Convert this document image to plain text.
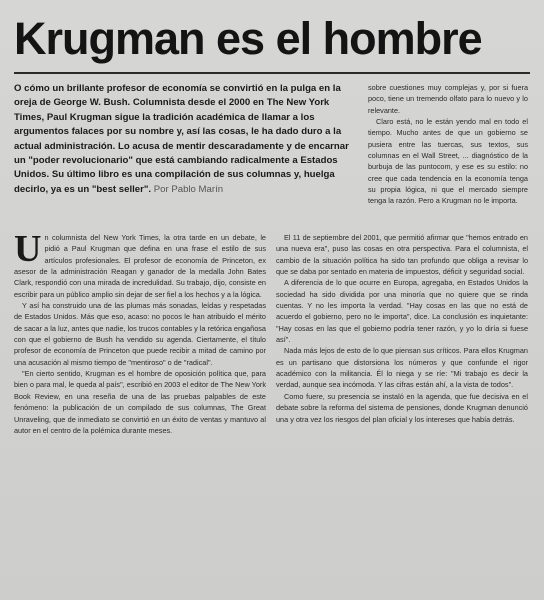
Krugman es el hombre

O cómo un brillante profesor de economía se convirtió en la pulga en la oreja de George W. Bush. Columnista desde el 2000 en The New York Times, Paul Krugman sigue la tradición académica de llamar a los argumentos falaces por su nombre y, así las cosas, le ha dado duro a la actual administración. Lo acusa de mentir descaradamente y de encarnar un "poder revolucionario" que está cambiando radicalmente a Estados Unidos. Su último libro es una compilación de sus columnas y, huelga decirlo, ya es un "best seller". Por Pablo Marín

sobre cuestiones muy complejas y, por si fuera poco, tiene un tremendo olfato para lo nuevo y lo relevante.

Claro está, no le están yendo mal en todo el tiempo. Mucho antes de que un gobierno se pusiera entre las tuercas, sus textos, sus columnas en el Wall Street, ... diagnóstico de la burbuja de las puntocom, y ese es su estilo: no cree que cada tendencia en la economía tenga su propia lógica, ni que el mercado siempre tenga la razón. Pero a Krugman no le importa.

Un columnista del New York Times, la otra tarde en un debate, le pidió a Paul Krugman que defina en una frase el estilo de sus artículos profesionales. El profesor de economía de Princeton, ex asesor de la administración Reagan y ganador de la medalla John Bates Clark, respondió con una mirada de incredulidad. Su trabajo, dijo, consiste en escribir para un público amplio sin dejar de ser fiel a los hechos y a la lógica.

Y así ha construido una de las plumas más sonadas, leídas y respetadas de Estados Unidos. Más que eso, acaso: no pocos le han atribuido el mérito de sacar a la luz, antes que nadie, los trucos contables y la retórica engañosa con que el gobierno de Bush ha vendido su agenda. Ciertamente, el título profesor de economía de Princeton que puede recibir a mitad de camino por una acusación al mismo tiempo de "mentiroso" o de "radical".

"En cierto sentido, Krugman es el hombre de oposición política que, para bien o para mal, le queda al país", escribió en 2003 el editor de The New York Book Review, en una reseña de una de las pruebas palpables de este fenómeno: la publicación de un compilado de sus columnas, The Great Unraveling, que de inmediato se convirtió en un éxito de ventas y mantuvo al autor en el centro de la polémica durante meses.

El 11 de septiembre del 2001, que permitió afirmar que "hemos entrado en una nueva era", puso las cosas en otra perspectiva. Para el columnista, el cambio de la situación política ha sido tan profundo que obliga a revisar lo que se daba por sentado en materia de impuestos, déficit y seguridad social.

A diferencia de lo que ocurre en Europa, agregaba, en Estados Unidos la sociedad ha sido dividida por una minoría que no quiere que se rinda cuentas. Y no les importa la verdad. "Hay cosas en las que no está de acuerdo el gobierno, pero no le importa", dice. La conclusión es inquietante: "Hay cosas en las que el gobierno podría tener razón, y yo lo diría si fuese así".

Nada más lejos de esto de lo que piensan sus críticos. Para ellos Krugman es un partisano que distorsiona los números y que confunde el rigor académico con la militancia. Él lo niega y se ríe: "Mi trabajo es decir la verdad, aunque sea incómoda. Y las cifras están ahí, a la vista de todos".

Como fuere, su presencia se instaló en la agenda, que fue decisiva en el debate sobre la reforma del sistema de pensiones, donde Krugman denunció una y otra vez los riesgos del plan oficial y los intereses que había detrás.
